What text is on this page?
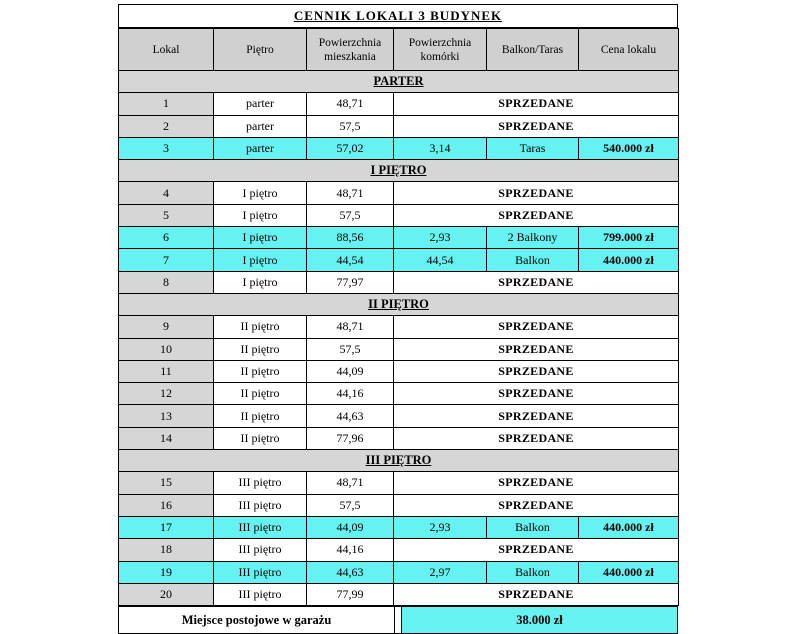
CENNIK LOKALI 3 BUDYNEK
Lokal	Piętro	Powierzchnia mieszkania	Powierzchnia komórki	Balkon/Taras	Cena lokalu
PARTER					
1	parter	48,71	SPRZEDANE		
2	parter	57,5	SPRZEDANE		
3	parter	57,02	3,14	Taras	540.000 zł
I PIĘTRO					
4	I piętro	48,71	SPRZEDANE		
5	I piętro	57,5	SPRZEDANE		
6	I piętro	88,56	2,93	2 Balkony	799.000 zł
7	I piętro	44,54	44,54	Balkon	440.000 zł
8	I piętro	77,97	SPRZEDANE		
II PIĘTRO					
9	II piętro	48,71	SPRZEDANE		
10	II piętro	57,5	SPRZEDANE		
11	II piętro	44,09	SPRZEDANE		
12	II piętro	44,16	SPRZEDANE		
13	II piętro	44,63	SPRZEDANE		
14	II piętro	77,96	SPRZEDANE		
III PIĘTRO					
15	III piętro	48,71	SPRZEDANE		
16	III piętro	57,5	SPRZEDANE		
17	III piętro	44,09	2,93	Balkon	440.000 zł
18	III piętro	44,16	SPRZEDANE		
19	III piętro	44,63	2,97	Balkon	440.000 zł
20	III piętro	77,99	SPRZEDANE		
Miejsce postojowe w garażu	38.000 zł
